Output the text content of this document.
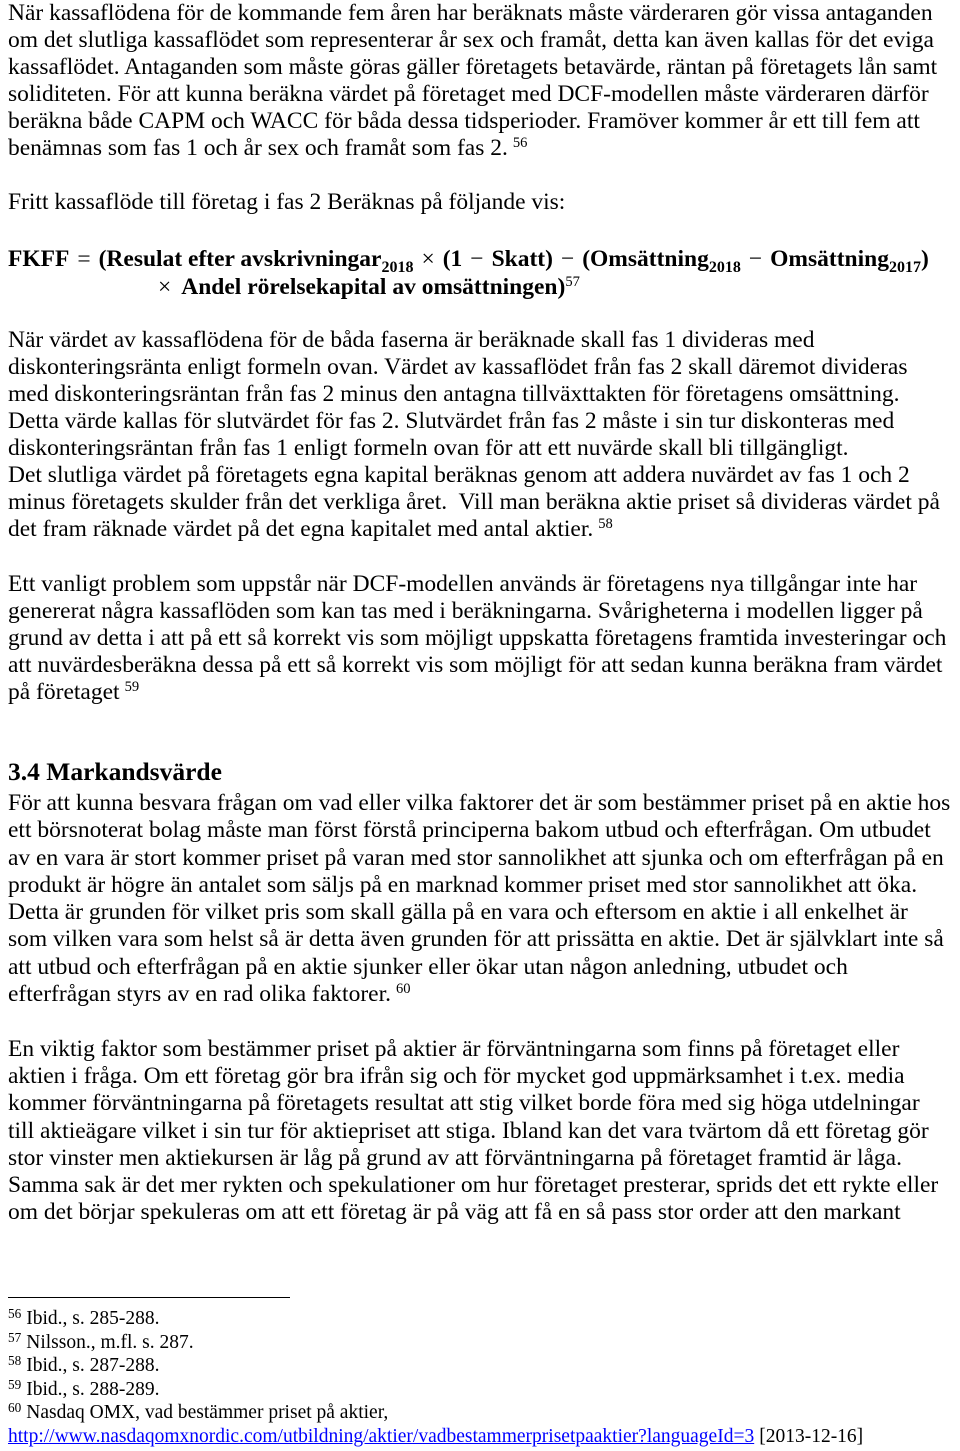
När kassaflödena för de kommande fem åren har beräknats måste värderaren gör vissa antaganden
om det slutliga kassaflödet som representerar år sex och framåt, detta kan även kallas för det eviga
kassaflödet. Antaganden som måste göras gäller företagets betavärde, räntan på företagets lån samt
soliditeten. För att kunna beräkna värdet på företaget med DCF-modellen måste värderaren därför
beräkna både CAPM och WACC för båda dessa tidsperioder. Framöver kommer år ett till fem att
benämnas som fas 1 och år sex och framåt som fas 2. $^{56}$
Fritt kassaflöde till företag i fas 2 Beräknas på följande vis:
FKFF = (Resulat efter avskrivningar$_{2018}$ × (1 − Skatt) − (Omsättning$_{2018}$ − Omsättning$_{2017}$)
× Andel rörelsekapital av omsättningen)$^{57}$
När värdet av kassaflödena för de båda faserna är beräknade skall fas 1 divideras med
diskonteringsränta enligt formeln ovan. Värdet av kassaflödet från fas 2 skall däremot divideras
med diskonteringsräntan från fas 2 minus den antagna tillväxttakten för företagens omsättning.
Detta värde kallas för slutvärdet för fas 2. Slutvärdet från fas 2 måste i sin tur diskonteras med
diskonteringsräntan från fas 1 enligt formeln ovan för att ett nuvärde skall bli tillgängligt.
Det slutliga värdet på företagets egna kapital beräknas genom att addera nuvärdet av fas 1 och 2
minus företagets skulder från det verkliga året.  Vill man beräkna aktie priset så divideras värdet på
det fram räknade värdet på det egna kapitalet med antal aktier. $^{58}$
Ett vanligt problem som uppstår när DCF-modellen används är företagens nya tillgångar inte har
genererat några kassaflöden som kan tas med i beräkningarna. Svårigheterna i modellen ligger på
grund av detta i att på ett så korrekt vis som möjligt uppskatta företagens framtida investeringar och
att nuvärdesberäkna dessa på ett så korrekt vis som möjligt för att sedan kunna beräkna fram värdet
på företaget $^{59}$
3.4 Markandsvärde
För att kunna besvara frågan om vad eller vilka faktorer det är som bestämmer priset på en aktie hos
ett börsnoterat bolag måste man först förstå principerna bakom utbud och efterfrågan. Om utbudet
av en vara är stort kommer priset på varan med stor sannolikhet att sjunka och om efterfrågan på en
produkt är högre än antalet som säljs på en marknad kommer priset med stor sannolikhet att öka.
Detta är grunden för vilket pris som skall gälla på en vara och eftersom en aktie i all enkelhet är
som vilken vara som helst så är detta även grunden för att prissätta en aktie. Det är självklart inte så
att utbud och efterfrågan på en aktie sjunker eller ökar utan någon anledning, utbudet och
efterfrågan styrs av en rad olika faktorer. $^{60}$
En viktig faktor som bestämmer priset på aktier är förväntningarna som finns på företaget eller
aktien i fråga. Om ett företag gör bra ifrån sig och för mycket god uppmärksamhet i t.ex. media
kommer förväntningarna på företagets resultat att stig vilket borde föra med sig höga utdelningar
till aktieägare vilket i sin tur för aktiepriset att stiga. Ibland kan det vara tvärtom då ett företag gör
stor vinster men aktiekursen är låg på grund av att förväntningarna på företaget framtid är låga.
Samma sak är det mer rykten och spekulationer om hur företaget presterar, sprids det ett rykte eller
om det börjar spekuleras om att ett företag är på väg att få en så pass stor order att den markant
$^{56}$ Ibid., s. 285-288.
$^{57}$ Nilsson., m.fl. s. 287.
$^{58}$ Ibid., s. 287-288.
$^{59}$ Ibid., s. 288-289.
$^{60}$ Nasdaq OMX, vad bestämmer priset på aktier,
http://www.nasdaqomxnordic.com/utbildning/aktier/vadbestammerprisetpaaktier?languageId=3 [2013-12-16]
